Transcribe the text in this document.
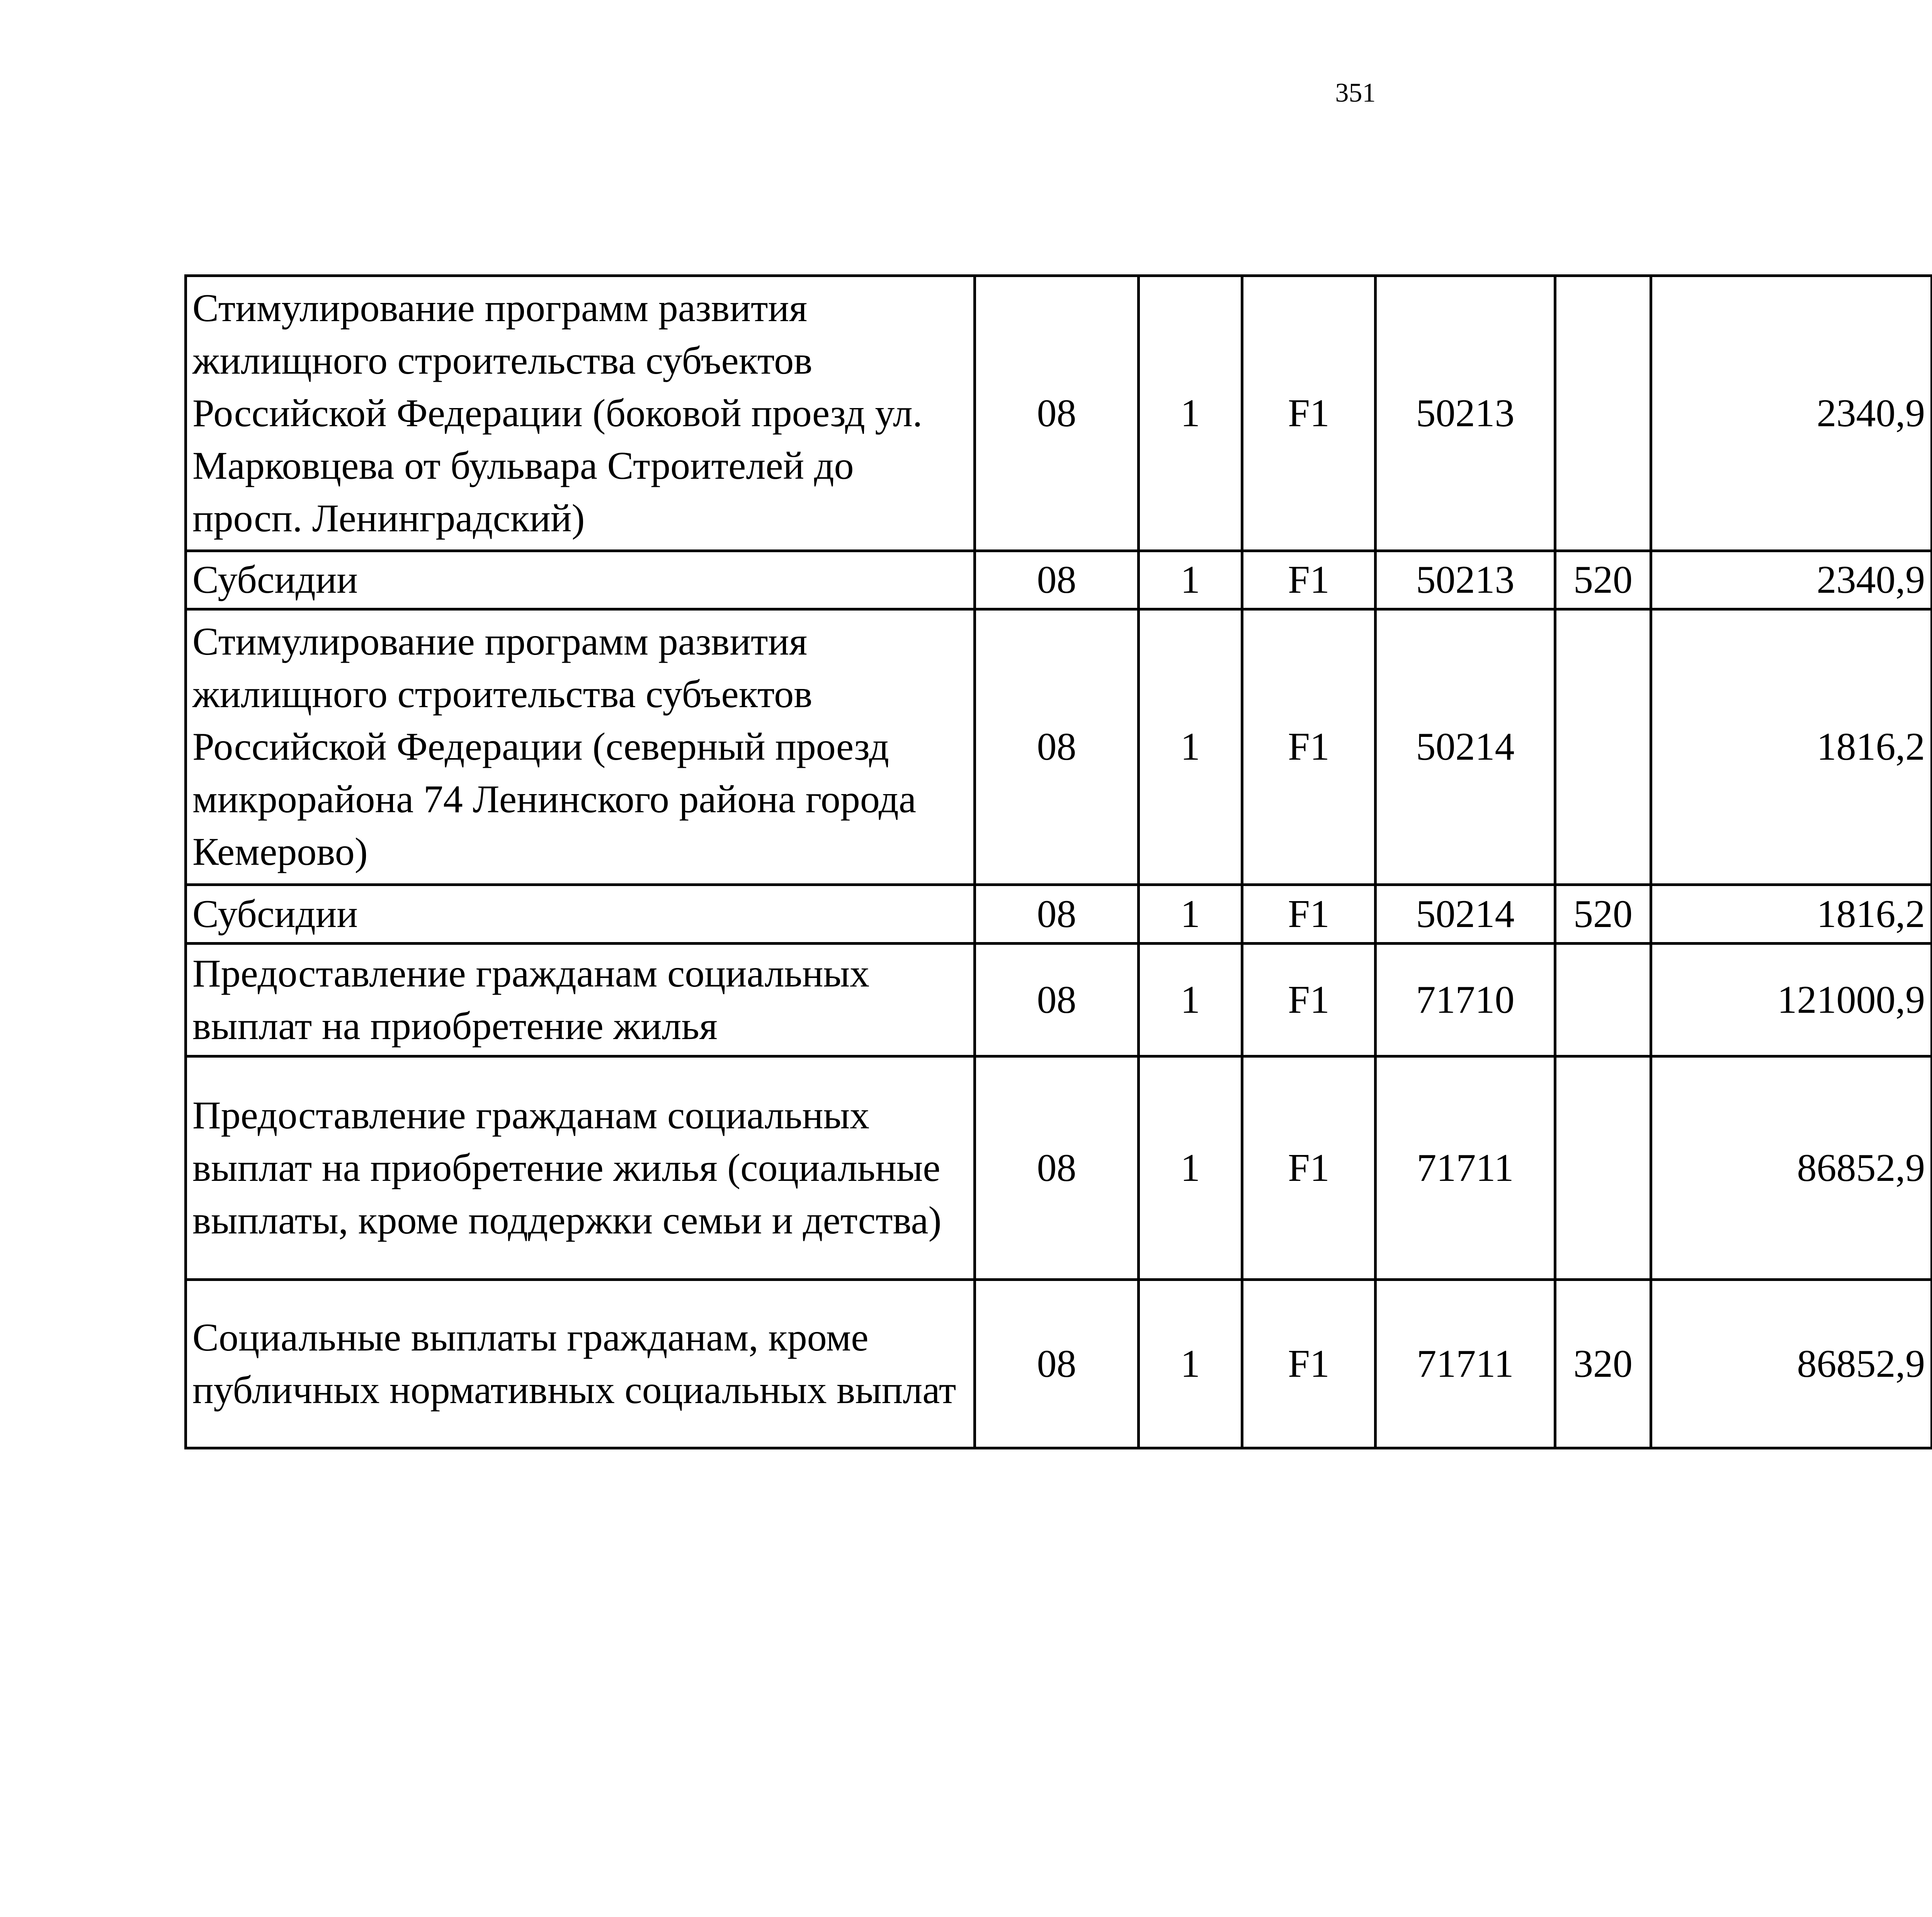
351
Стимулирование программ развития жилищного строительства субъектов Российской Федерации (боковой проезд ул. Марковцева от бульвара Строителей до просп. Ленинградский)	08	1	F1	50213		2340,9		
Субсидии	08	1	F1	50213	520	2340,9		
Стимулирование программ развития жилищного строительства субъектов Российской Федерации (северный проезд микрорайона 74 Ленинского района города Кемерово)	08	1	F1	50214		1816,2		
Субсидии	08	1	F1	50214	520	1816,2		
Предоставление гражданам социальных выплат на приобретение жилья	08	1	F1	71710		121000,9		
Предоставление гражданам социальных выплат на приобретение жилья (социальные выплаты, кроме поддержки семьи и детства)	08	1	F1	71711		86852,9		
Социальные выплаты гражданам, кроме публичных нормативных социальных выплат	08	1	F1	71711	320	86852,9		
